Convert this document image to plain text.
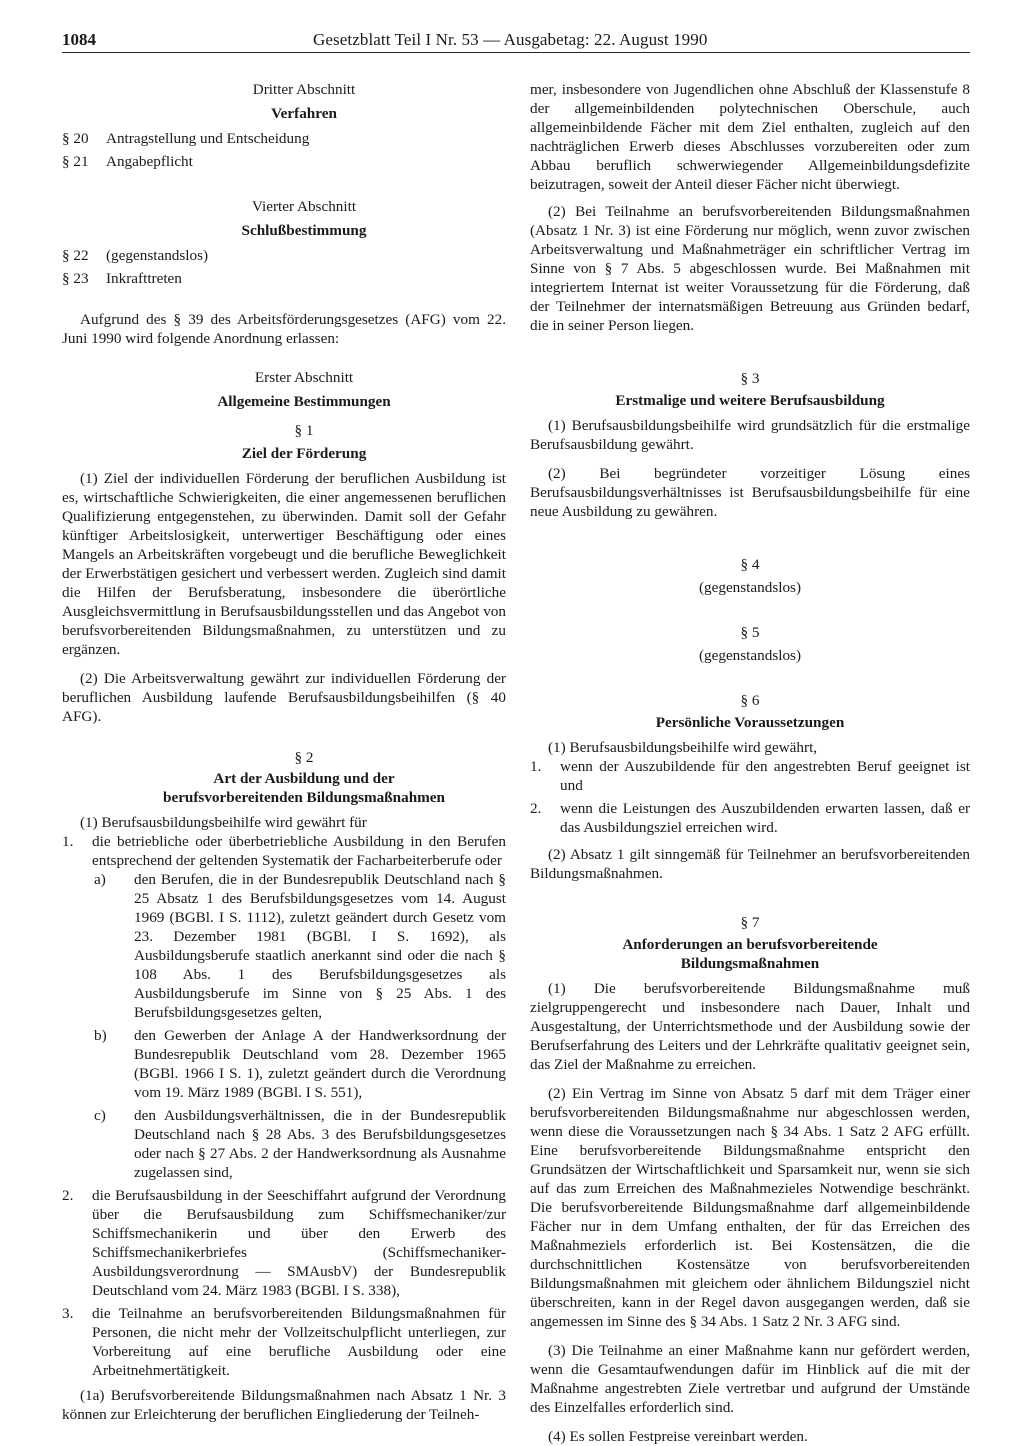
1084	Gesetzblatt Teil I Nr. 53 — Ausgabetag: 22. August 1990
Dritter Abschnitt
Verfahren
§ 20	Antragstellung und Entscheidung
§ 21	Angabepflicht
Vierter Abschnitt
Schlußbestimmung
§ 22	(gegenstandslos)
§ 23	Inkrafttreten

Aufgrund des § 39 des Arbeitsförderungsgesetzes (AFG) vom 22. Juni 1990 wird folgende Anordnung erlassen:

Erster Abschnitt
Allgemeine Bestimmungen
§ 1
Ziel der Förderung

(1) Ziel der individuellen Förderung der beruflichen Ausbildung ist es, wirtschaftliche Schwierigkeiten, die einer angemessenen beruflichen Qualifizierung entgegenstehen, zu überwinden. Damit soll der Gefahr künftiger Arbeitslosigkeit, unterwertiger Beschäftigung oder eines Mangels an Arbeitskräften vorgebeugt und die berufliche Beweglichkeit der Erwerbstätigen gesichert und verbessert werden. Zugleich sind damit die Hilfen der Berufsberatung, insbesondere die überörtliche Ausgleichsvermittlung in Berufsausbildungsstellen und das Angebot von berufsvorbereitenden Bildungsmaßnahmen, zu unterstützen und zu ergänzen.

(2) Die Arbeitsverwaltung gewährt zur individuellen Förderung der beruflichen Ausbildung laufende Berufsausbildungsbeihilfen (§ 40 AFG).

§ 2
Art der Ausbildung und der
berufsvorbereitenden Bildungsmaßnahmen

(1) Berufsausbildungsbeihilfe wird gewährt für

1.	die betriebliche oder überbetriebliche Ausbildung in den Berufen entsprechend der geltenden Systematik der Facharbeiterberufe oder
a)	den Berufen, die in der Bundesrepublik Deutschland nach § 25 Absatz 1 des Berufsbildungsgesetzes vom 14. August 1969 (BGBl. I S. 1112), zuletzt geändert durch Gesetz vom 23. Dezember 1981 (BGBl. I S. 1692), als Ausbildungsberufe staatlich anerkannt sind oder die nach § 108 Abs. 1 des Berufsbildungsgesetzes als Ausbildungsberufe im Sinne von § 25 Abs. 1 des Berufsbildungsgesetzes gelten,
b)	den Gewerben der Anlage A der Handwerksordnung der Bundesrepublik Deutschland vom 28. Dezember 1965 (BGBl. 1966 I S. 1), zuletzt geändert durch die Verordnung vom 19. März 1989 (BGBl. I S. 551),
c)	den Ausbildungsverhältnissen, die in der Bundesrepublik Deutschland nach § 28 Abs. 3 des Berufsbildungsgesetzes oder nach § 27 Abs. 2 der Handwerksordnung als Ausnahme zugelassen sind,
2.	die Berufsausbildung in der Seeschiffahrt aufgrund der Verordnung über die Berufsausbildung zum Schiffsmechaniker/zur Schiffsmechanikerin und über den Erwerb des Schiffsmechanikerbriefes (Schiffsmechaniker-Ausbildungsverordnung — SMAusbV) der Bundesrepublik Deutschland vom 24. März 1983 (BGBl. I S. 338),
3.	die Teilnahme an berufsvorbereitenden Bildungsmaßnahmen für Personen, die nicht mehr der Vollzeitschulpflicht unterliegen, zur Vorbereitung auf eine berufliche Ausbildung oder eine Arbeitnehmertätigkeit.

(1a) Berufsvorbereitende Bildungsmaßnahmen nach Absatz 1 Nr. 3 können zur Erleichterung der beruflichen Eingliederung der Teilneh-

mer, insbesondere von Jugendlichen ohne Abschluß der Klassenstufe 8 der allgemeinbildenden polytechnischen Oberschule, auch allgemeinbildende Fächer mit dem Ziel enthalten, zugleich auf den nachträglichen Erwerb dieses Abschlusses vorzubereiten oder zum Abbau beruflich schwerwiegender Allgemeinbildungsdefizite beizutragen, soweit der Anteil dieser Fächer nicht überwiegt.

(2) Bei Teilnahme an berufsvorbereitenden Bildungsmaßnahmen (Absatz 1 Nr. 3) ist eine Förderung nur möglich, wenn zuvor zwischen Arbeitsverwaltung und Maßnahmeträger ein schriftlicher Vertrag im Sinne von § 7 Abs. 5 abgeschlossen wurde. Bei Maßnahmen mit integriertem Internat ist weiter Voraussetzung für die Förderung, daß der Teilnehmer der internatsmäßigen Betreuung aus Gründen bedarf, die in seiner Person liegen.

§ 3
Erstmalige und weitere Berufsausbildung

(1) Berufsausbildungsbeihilfe wird grundsätzlich für die erstmalige Berufsausbildung gewährt.

(2) Bei begründeter vorzeitiger Lösung eines Berufsausbildungsverhältnisses ist Berufsausbildungsbeihilfe für eine neue Ausbildung zu gewähren.

§ 4
(gegenstandslos)
§ 5
(gegenstandslos)
§ 6
Persönliche Voraussetzungen

(1) Berufsausbildungsbeihilfe wird gewährt,

1.	wenn der Auszubildende für den angestrebten Beruf geeignet ist und
2.	wenn die Leistungen des Auszubildenden erwarten lassen, daß er das Ausbildungsziel erreichen wird.

(2) Absatz 1 gilt sinngemäß für Teilnehmer an berufsvorbereitenden Bildungsmaßnahmen.

§ 7
Anforderungen an berufsvorbereitende
Bildungsmaßnahmen

(1) Die berufsvorbereitende Bildungsmaßnahme muß zielgruppengerecht und insbesondere nach Dauer, Inhalt und Ausgestaltung, der Unterrichtsmethode und der Ausbildung sowie der Berufserfahrung des Leiters und der Lehrkräfte qualitativ geeignet sein, das Ziel der Maßnahme zu erreichen.

(2) Ein Vertrag im Sinne von Absatz 5 darf mit dem Träger einer berufsvorbereitenden Bildungsmaßnahme nur abgeschlossen werden, wenn diese die Voraussetzungen nach § 34 Abs. 1 Satz 2 AFG erfüllt. Eine berufsvorbereitende Bildungsmaßnahme entspricht den Grundsätzen der Wirtschaftlichkeit und Sparsamkeit nur, wenn sie sich auf das zum Erreichen des Maßnahmezieles Notwendige beschränkt. Die berufsvorbereitende Bildungsmaßnahme darf allgemeinbildende Fächer nur in dem Umfang enthalten, der für das Erreichen des Maßnahmeziels erforderlich ist. Bei Kostensätzen, die die durchschnittlichen Kostensätze von berufsvorbereitenden Bildungsmaßnahmen mit gleichem oder ähnlichem Bildungsziel nicht überschreiten, kann in der Regel davon ausgegangen werden, daß sie angemessen im Sinne des § 34 Abs. 1 Satz 2 Nr. 3 AFG sind.

(3) Die Teilnahme an einer Maßnahme kann nur gefördert werden, wenn die Gesamtaufwendungen dafür im Hinblick auf die mit der Maßnahme angestrebten Ziele vertretbar und aufgrund der Umstände des Einzelfalles erforderlich sind.

(4) Es sollen Festpreise vereinbart werden.
